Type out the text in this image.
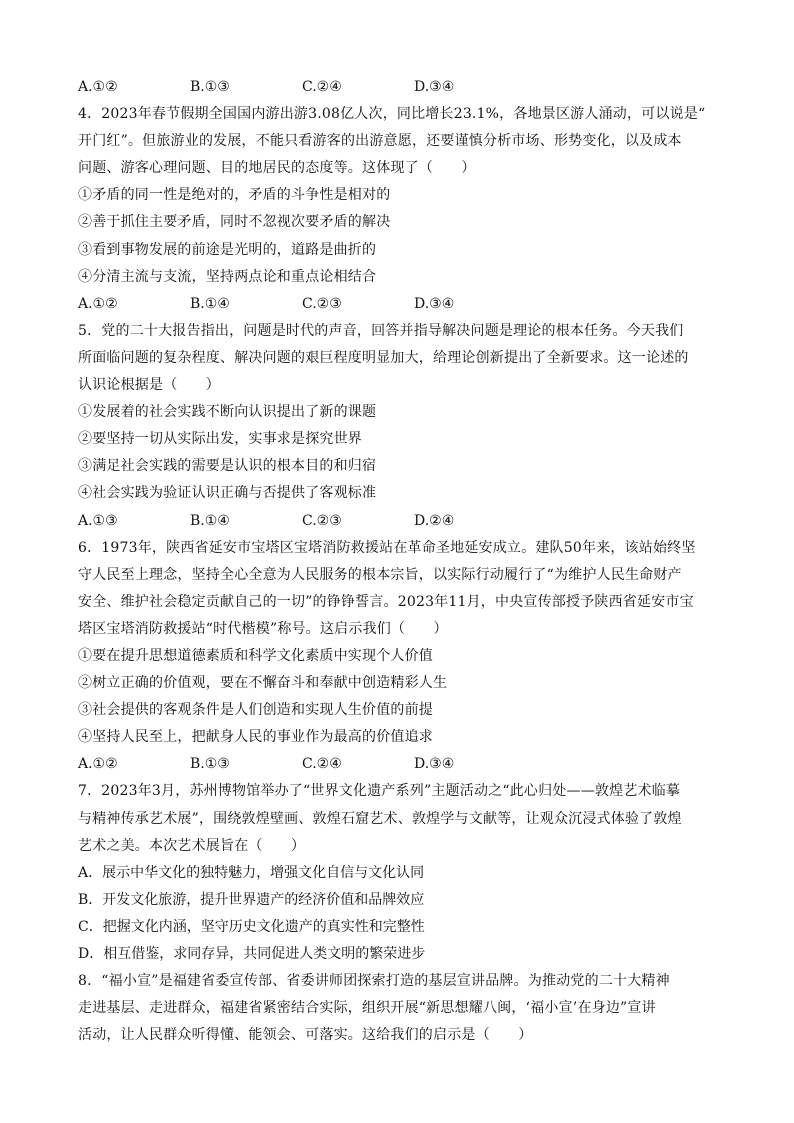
A.①②	B.①③	C.②④	D.③④
4．2023年春节假期全国国内游出游3.08亿人次，同比增长23.1%，各地景区游人涌动，可以说是“
开门红”。但旅游业的发展，不能只看游客的出游意愿，还要谨慎分析市场、形势变化，以及成本
问题、游客心理问题、目的地居民的态度等。这体现了（　　）
①矛盾的同一性是绝对的，矛盾的斗争性是相对的
②善于抓住主要矛盾，同时不忽视次要矛盾的解决
③看到事物发展的前途是光明的，道路是曲折的
④分清主流与支流，坚持两点论和重点论相结合
A.①②	B.①④	C.②③	D.③④
5．党的二十大报告指出，问题是时代的声音，回答并指导解决问题是理论的根本任务。今天我们
所面临问题的复杂程度、解决问题的艰巨程度明显加大，给理论创新提出了全新要求。这一论述的
认识论根据是（　　）
①发展着的社会实践不断向认识提出了新的课题
②要坚持一切从实际出发，实事求是探究世界
③满足社会实践的需要是认识的根本目的和归宿
④社会实践为验证认识正确与否提供了客观标准
A.①③	B.①④	C.②③	D.②④
6．1973年，陕西省延安市宝塔区宝塔消防救援站在革命圣地延安成立。建队50年来，该站始终坚
守人民至上理念，坚持全心全意为人民服务的根本宗旨，以实际行动履行了“为维护人民生命财产
安全、维护社会稳定贡献自己的一切”的铮铮誓言。2023年11月，中央宣传部授予陕西省延安市宝
塔区宝塔消防救援站“时代楷模”称号。这启示我们（　　）
①要在提升思想道德素质和科学文化素质中实现个人价值
②树立正确的价值观，要在不懈奋斗和奉献中创造精彩人生
③社会提供的客观条件是人们创造和实现人生价值的前提
④坚持人民至上，把献身人民的事业作为最高的价值追求
A.①②	B.①③	C.②④	D.③④
7．2023年3月，苏州博物馆举办了“世界文化遗产系列”主题活动之“此心归处——敦煌艺术临摹
与精神传承艺术展”，围绕敦煌壁画、敦煌石窟艺术、敦煌学与文献等，让观众沉浸式体验了敦煌
艺术之美。本次艺术展旨在（　　）
A．展示中华文化的独特魅力，增强文化自信与文化认同
B．开发文化旅游，提升世界遗产的经济价值和品牌效应
C．把握文化内涵，坚守历史文化遗产的真实性和完整性
D．相互借鉴，求同存异，共同促进人类文明的繁荣进步
8．“福小宣”是福建省委宣传部、省委讲师团探索打造的基层宣讲品牌。为推动党的二十大精神
走进基层、走进群众，福建省紧密结合实际，组织开展“新思想耀八闽，‘福小宣’在身边”宣讲
活动，让人民群众听得懂、能领会、可落实。这给我们的启示是（　　）
